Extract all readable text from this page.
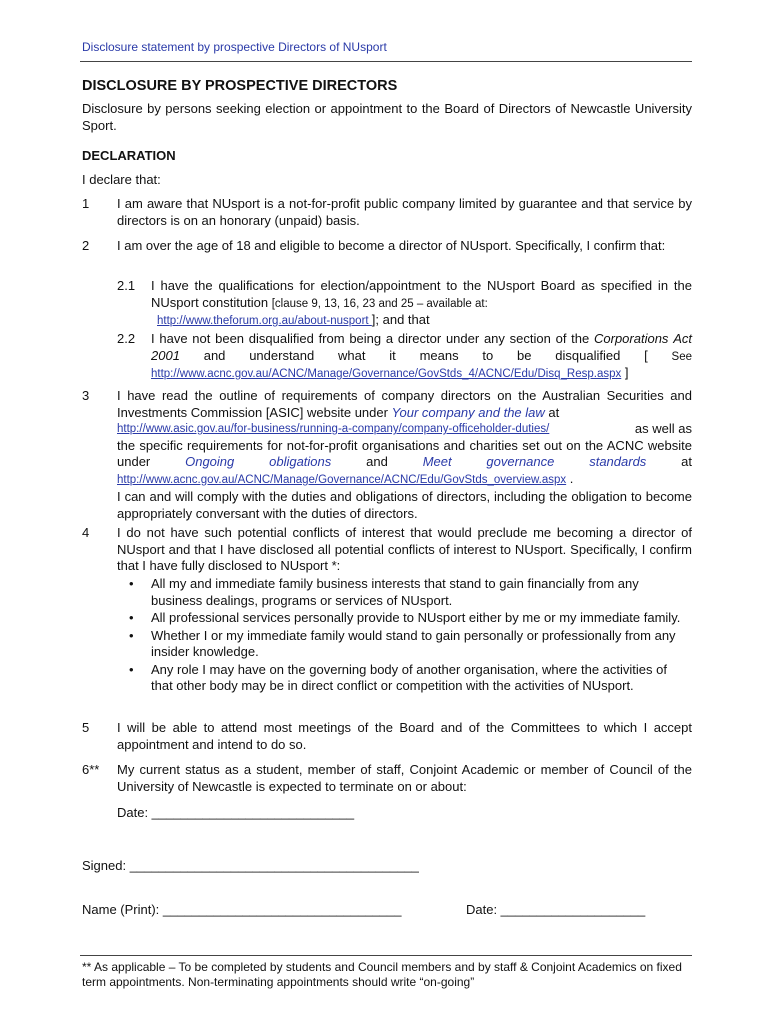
Disclosure statement by prospective Directors of NUsport
DISCLOSURE BY PROSPECTIVE DIRECTORS
Disclosure by persons seeking election or appointment to the Board of Directors of Newcastle University Sport.
DECLARATION
I declare that:
1 I am aware that NUsport is a not-for-profit public company limited by guarantee and that service by directors is on an honorary (unpaid) basis.
2 I am over the age of 18 and eligible to become a director of NUsport. Specifically, I confirm that:
2.1 I have the qualifications for election/appointment to the NUsport Board as specified in the NUsport constitution [clause 9, 13, 16, 23 and 25 – available at:
http://www.theforum.org.au/about-nusport ]; and that
2.2 I have not been disqualified from being a director under any section of the Corporations Act 2001 and understand what it means to be disqualified [ See
http://www.acnc.gov.au/ACNC/Manage/Governance/GovStds_4/ACNC/Edu/Disq_Resp.aspx ]
3 I have read the outline of requirements of company directors on the Australian Securities and Investments Commission [ASIC] website under Your company and the law at
http://www.asic.gov.au/for-business/running-a-company/company-officeholder-duties/	as well as
the specific requirements for not-for-profit organisations and charities set out on the ACNC website under	Ongoing obligations	and	Meet governance standards	at
http://www.acnc.gov.au/ACNC/Manage/Governance/ACNC/Edu/GovStds_overview.aspx .
I can and will comply with the duties and obligations of directors, including the obligation to become appropriately conversant with the duties of directors.
4 I do not have such potential conflicts of interest that would preclude me becoming a director of NUsport and that I have disclosed all potential conflicts of interest to NUsport. Specifically, I confirm that I have fully disclosed to NUsport *:
• All my and immediate family business interests that stand to gain financially from any business dealings, programs or services of NUsport.
• All professional services personally provide to NUsport either by me or my immediate family.
• Whether I or my immediate family would stand to gain personally or professionally from any insider knowledge.
• Any role I may have on the governing body of another organisation, where the activities of that other body may be in direct conflict or competition with the activities of NUsport.
5 I will be able to attend most meetings of the Board and of the Committees to which I accept appointment and intend to do so.
6** My current status as a student, member of staff, Conjoint Academic or member of Council of the University of Newcastle is expected to terminate on or about:
Date: ____________________________
Signed: ________________________________________
Name (Print): _________________________________	Date: ____________________
** As applicable – To be completed by students and Council members and by staff & Conjoint Academics on fixed term appointments. Non-terminating appointments should write “on-going”
